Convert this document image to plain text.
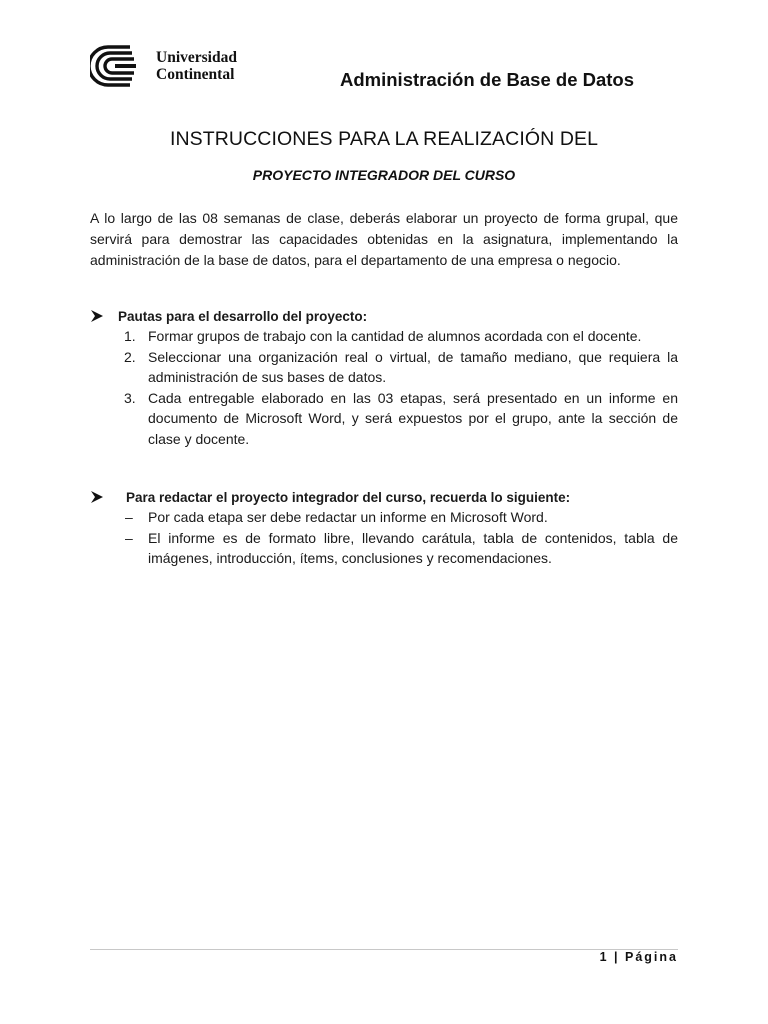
Universidad
Continental	Administración de Base de Datos
INSTRUCCIONES PARA LA REALIZACIÓN DEL
PROYECTO INTEGRADOR DEL CURSO

A lo largo de las 08 semanas de clase, deberás elaborar un proyecto de forma grupal, que servirá para demostrar las capacidades obtenidas en la asignatura, implementando la administración de la base de datos, para el departamento de una empresa o negocio.

Pautas para el desarrollo del proyecto:
1. Formar grupos de trabajo con la cantidad de alumnos acordada con el docente.
2. Seleccionar una organización real o virtual, de tamaño mediano, que requiera la administración de sus bases de datos.
3. Cada entregable elaborado en las 03 etapas, será presentado en un informe en documento de Microsoft Word, y será expuestos por el grupo, ante la sección de clase y docente.
Para redactar el proyecto integrador del curso, recuerda lo siguiente:
– Por cada etapa ser debe redactar un informe en Microsoft Word.
– El informe es de formato libre, llevando carátula, tabla de contenidos, tabla de imágenes, introducción, ítems, conclusiones y recomendaciones.
1 | Página
